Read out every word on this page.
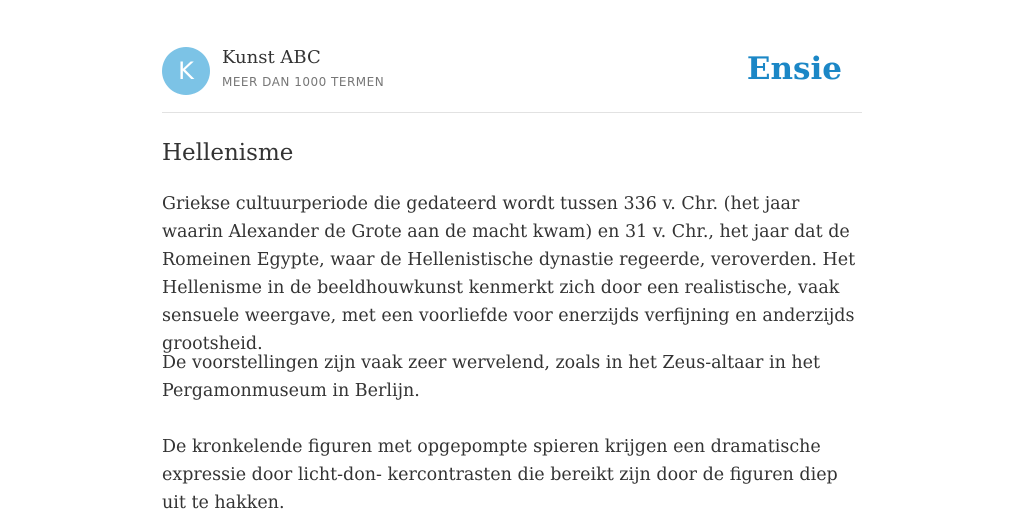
K	Kunst ABC
MEER DAN 1000 TERMEN	Ensie
Hellenisme

Griekse cultuurperiode die gedateerd wordt tussen 336 v. Chr. (het jaar waarin Alexander de Grote aan de macht kwam) en 31 v. Chr., het jaar dat de Romeinen Egypte, waar de Hellenistische dynastie regeerde, veroverden. Het Hellenisme in de beeldhouwkunst kenmerkt zich door een realistische, vaak sensuele weergave, met een voorliefde voor enerzijds verfijning en anderzijds grootsheid.

De voorstellingen zijn vaak zeer wervelend, zoals in het Zeus-altaar in het Pergamonmuseum in Berlijn.

De kronkelende figuren met opgepompte spieren krijgen een dramatische expressie door licht-don- kercontrasten die bereikt zijn door de figuren diep uit te hakken.
